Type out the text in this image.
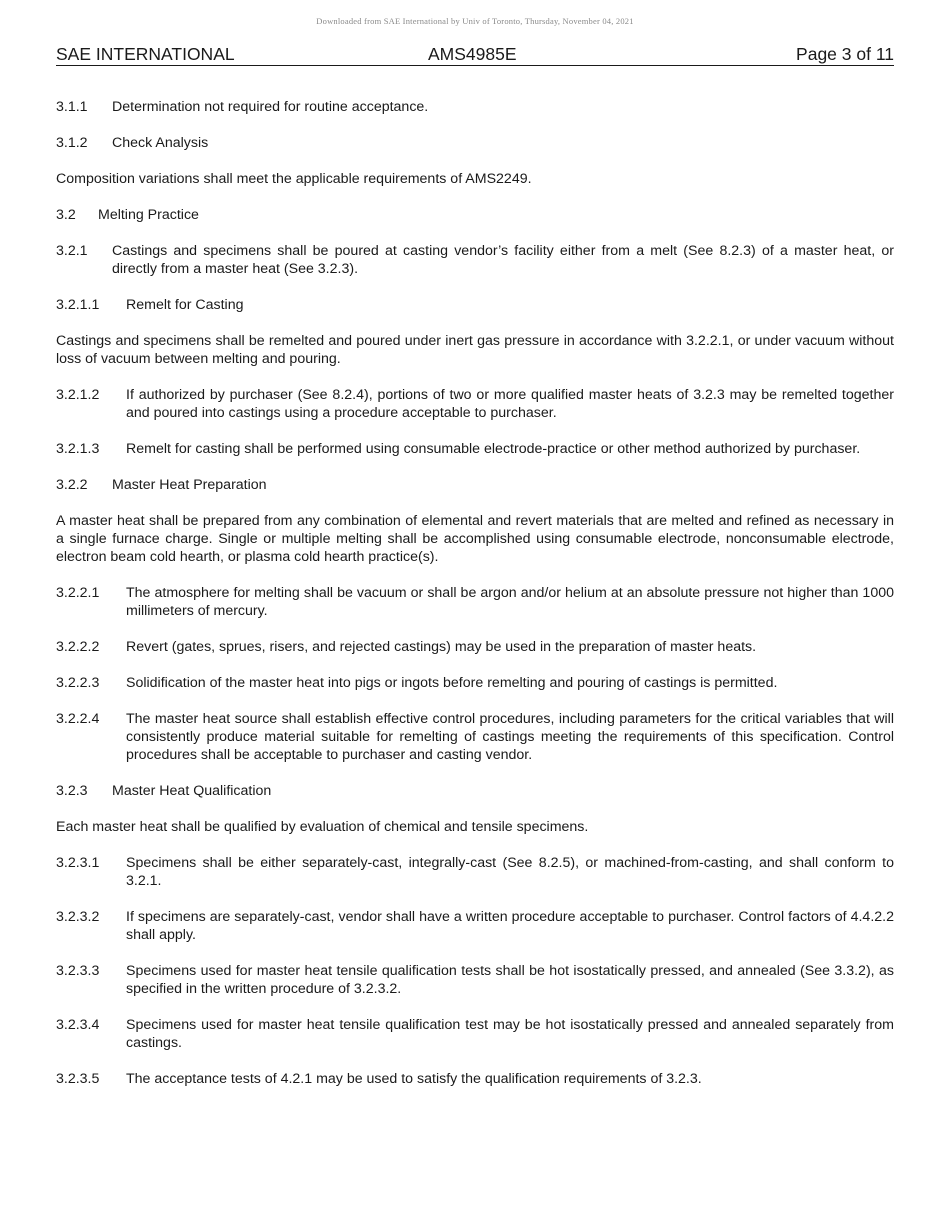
Downloaded from SAE International by Univ of Toronto, Thursday, November 04, 2021
SAE INTERNATIONAL	AMS4985E	Page 3 of 11
3.1.1	Determination not required for routine acceptance.
3.1.2	Check Analysis
Composition variations shall meet the applicable requirements of AMS2249.
3.2	Melting Practice
3.2.1	Castings and specimens shall be poured at casting vendor’s facility either from a melt (See 8.2.3) of a master heat, or directly from a master heat (See 3.2.3).
3.2.1.1	Remelt for Casting
Castings and specimens shall be remelted and poured under inert gas pressure in accordance with 3.2.2.1, or under vacuum without loss of vacuum between melting and pouring.
3.2.1.2	If authorized by purchaser (See 8.2.4), portions of two or more qualified master heats of 3.2.3 may be remelted together and poured into castings using a procedure acceptable to purchaser.
3.2.1.3	Remelt for casting shall be performed using consumable electrode-practice or other method authorized by purchaser.
3.2.2	Master Heat Preparation
A master heat shall be prepared from any combination of elemental and revert materials that are melted and refined as necessary in a single furnace charge. Single or multiple melting shall be accomplished using consumable electrode, nonconsumable electrode, electron beam cold hearth, or plasma cold hearth practice(s).
3.2.2.1	The atmosphere for melting shall be vacuum or shall be argon and/or helium at an absolute pressure not higher than 1000 millimeters of mercury.
3.2.2.2	Revert (gates, sprues, risers, and rejected castings) may be used in the preparation of master heats.
3.2.2.3	Solidification of the master heat into pigs or ingots before remelting and pouring of castings is permitted.
3.2.2.4	The master heat source shall establish effective control procedures, including parameters for the critical variables that will consistently produce material suitable for remelting of castings meeting the requirements of this specification. Control procedures shall be acceptable to purchaser and casting vendor.
3.2.3	Master Heat Qualification
Each master heat shall be qualified by evaluation of chemical and tensile specimens.
3.2.3.1	Specimens shall be either separately-cast, integrally-cast (See 8.2.5), or machined-from-casting, and shall conform to 3.2.1.
3.2.3.2	If specimens are separately-cast, vendor shall have a written procedure acceptable to purchaser. Control factors of 4.4.2.2 shall apply.
3.2.3.3	Specimens used for master heat tensile qualification tests shall be hot isostatically pressed, and annealed (See 3.3.2), as specified in the written procedure of 3.2.3.2.
3.2.3.4	Specimens used for master heat tensile qualification test may be hot isostatically pressed and annealed separately from castings.
3.2.3.5	The acceptance tests of 4.2.1 may be used to satisfy the qualification requirements of 3.2.3.
